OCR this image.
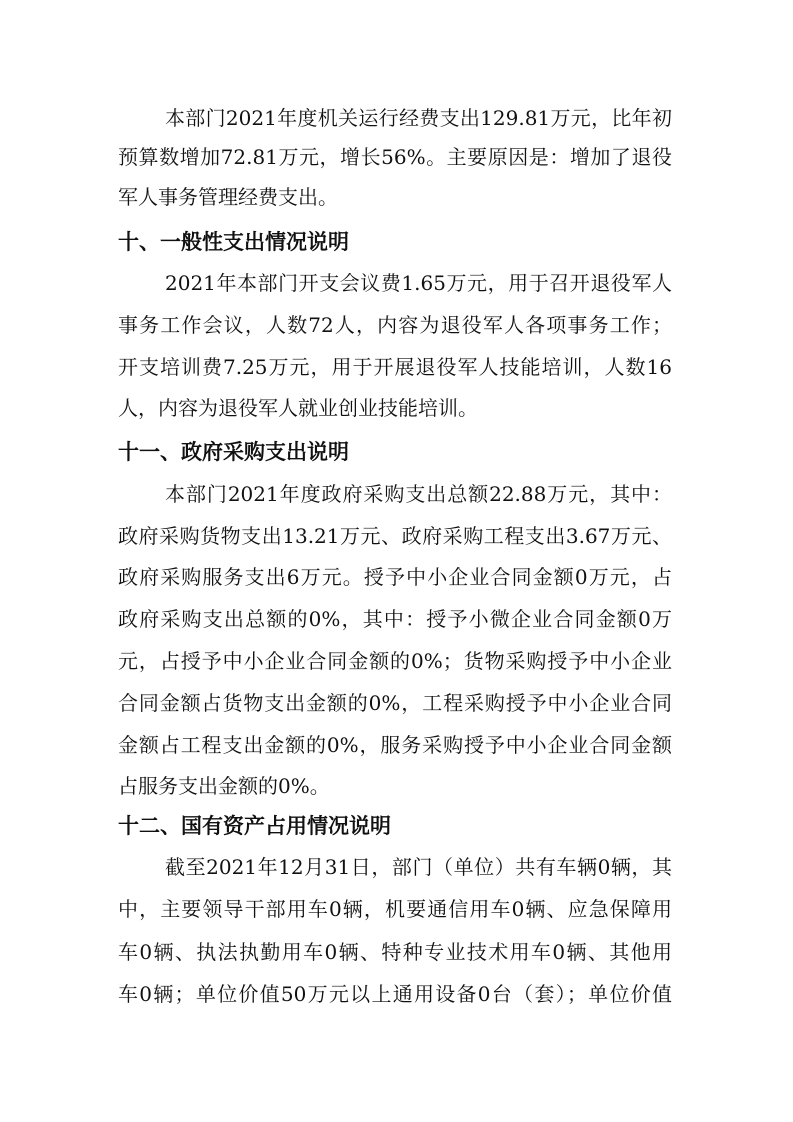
本部门2021年度机关运行经费支出129.81万元，比年初
预算数增加72.81万元，增长56%。主要原因是：增加了退役
军人事务管理经费支出。
十、一般性支出情况说明
2021年本部门开支会议费1.65万元，用于召开退役军人
事务工作会议，人数72人，内容为退役军人各项事务工作；
开支培训费7.25万元，用于开展退役军人技能培训，人数16
人，内容为退役军人就业创业技能培训。
十一、政府采购支出说明
本部门2021年度政府采购支出总额22.88万元，其中：
政府采购货物支出13.21万元、政府采购工程支出3.67万元、
政府采购服务支出6万元。授予中小企业合同金额0万元，占
政府采购支出总额的0%，其中：授予小微企业合同金额0万
元，占授予中小企业合同金额的0%；货物采购授予中小企业
合同金额占货物支出金额的0%，工程采购授予中小企业合同
金额占工程支出金额的0%，服务采购授予中小企业合同金额
占服务支出金额的0%。
十二、国有资产占用情况说明
截至2021年12月31日，部门（单位）共有车辆0辆，其
中，主要领导干部用车0辆，机要通信用车0辆、应急保障用
车0辆、执法执勤用车0辆、特种专业技术用车0辆、其他用
车0辆；单位价值50万元以上通用设备0台（套）；单位价值
